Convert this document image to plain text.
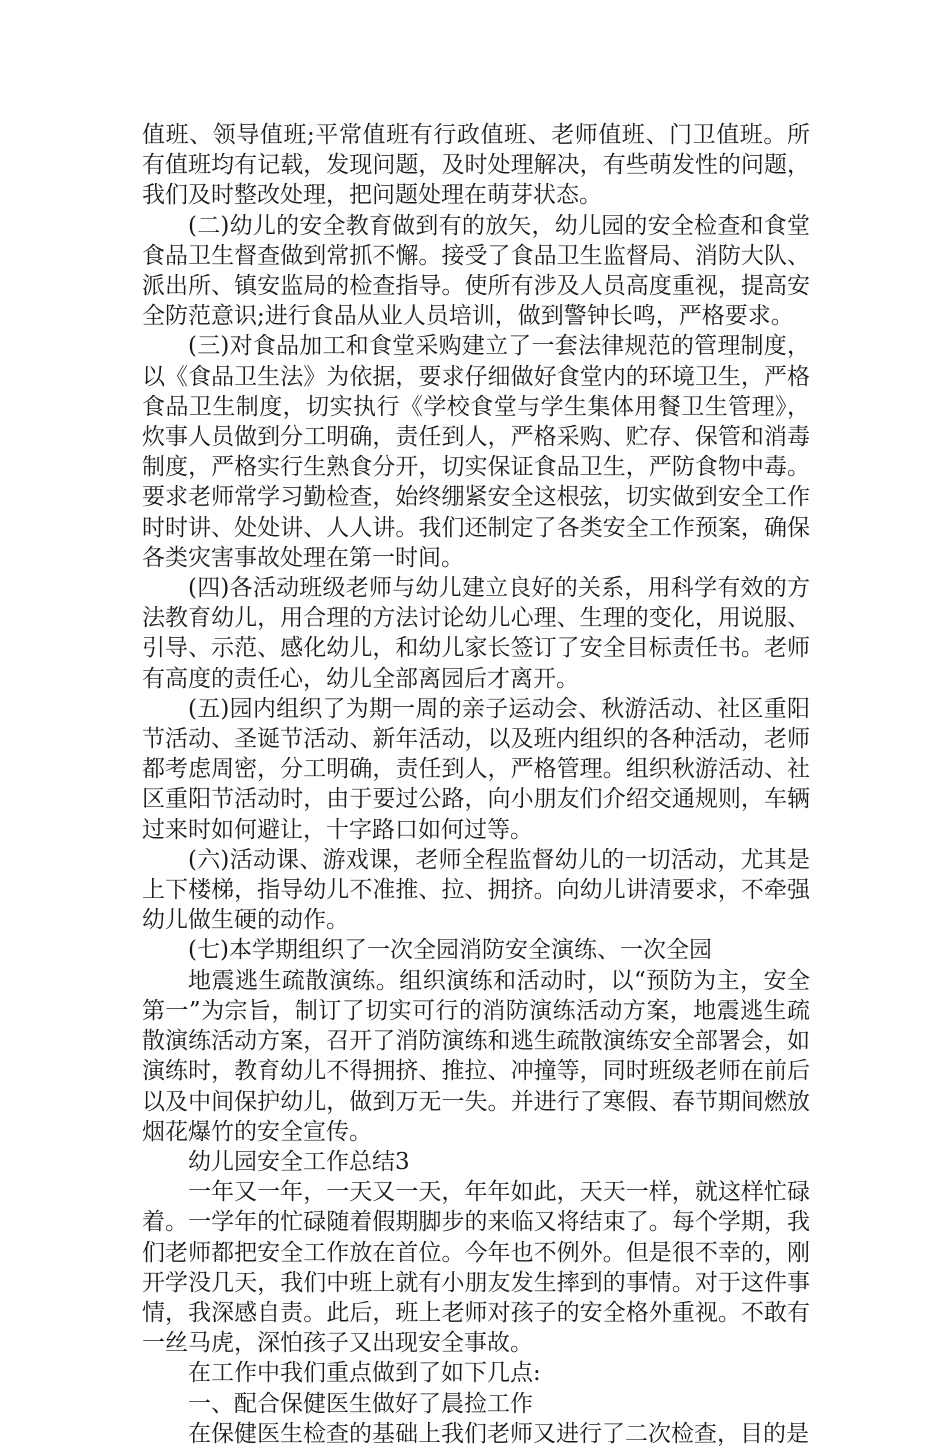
值班、领导值班;平常值班有行政值班、老师值班、门卫值班。所有值班均有记载，发现问题，及时处理解决，有些萌发性的问题，我们及时整改处理，把问题处理在萌芽状态。

(二)幼儿的安全教育做到有的放矢，幼儿园的安全检查和食堂食品卫生督查做到常抓不懈。接受了食品卫生监督局、消防大队、派出所、镇安监局的检查指导。使所有涉及人员高度重视，提高安全防范意识;进行食品从业人员培训，做到警钟长鸣，严格要求。

(三)对食品加工和食堂采购建立了一套法律规范的管理制度，以《食品卫生法》为依据，要求仔细做好食堂内的环境卫生，严格食品卫生制度，切实执行《学校食堂与学生集体用餐卫生管理》，炊事人员做到分工明确，责任到人，严格采购、贮存、保管和消毒制度，严格实行生熟食分开，切实保证食品卫生，严防食物中毒。要求老师常学习勤检查，始终绷紧安全这根弦，切实做到安全工作时时讲、处处讲、人人讲。我们还制定了各类安全工作预案，确保各类灾害事故处理在第一时间。

(四)各活动班级老师与幼儿建立良好的关系，用科学有效的方法教育幼儿，用合理的方法讨论幼儿心理、生理的变化，用说服、引导、示范、感化幼儿，和幼儿家长签订了安全目标责任书。老师有高度的责任心，幼儿全部离园后才离开。

(五)园内组织了为期一周的亲子运动会、秋游活动、社区重阳节活动、圣诞节活动、新年活动，以及班内组织的各种活动，老师都考虑周密，分工明确，责任到人，严格管理。组织秋游活动、社区重阳节活动时，由于要过公路，向小朋友们介绍交通规则，车辆过来时如何避让，十字路口如何过等。

(六)活动课、游戏课，老师全程监督幼儿的一切活动，尤其是上下楼梯，指导幼儿不准推、拉、拥挤。向幼儿讲清要求，不牵强幼儿做生硬的动作。

(七)本学期组织了一次全园消防安全演练、一次全园

地震逃生疏散演练。组织演练和活动时，以“预防为主，安全第一”为宗旨，制订了切实可行的消防演练活动方案，地震逃生疏散演练活动方案，召开了消防演练和逃生疏散演练安全部署会，如演练时，教育幼儿不得拥挤、推拉、冲撞等，同时班级老师在前后以及中间保护幼儿，做到万无一失。并进行了寒假、春节期间燃放烟花爆竹的安全宣传。

幼儿园安全工作总结3

一年又一年，一天又一天，年年如此，天天一样，就这样忙碌着。一学年的忙碌随着假期脚步的来临又将结束了。每个学期，我们老师都把安全工作放在首位。今年也不例外。但是很不幸的，刚开学没几天，我们中班上就有小朋友发生摔到的事情。对于这件事情，我深感自责。此后，班上老师对孩子的安全格外重视。不敢有一丝马虎，深怕孩子又出现安全事故。

在工作中我们重点做到了如下几点:

一、配合保健医生做好了晨捡工作

在保健医生检查的基础上我们老师又进行了二次检查，目的是
